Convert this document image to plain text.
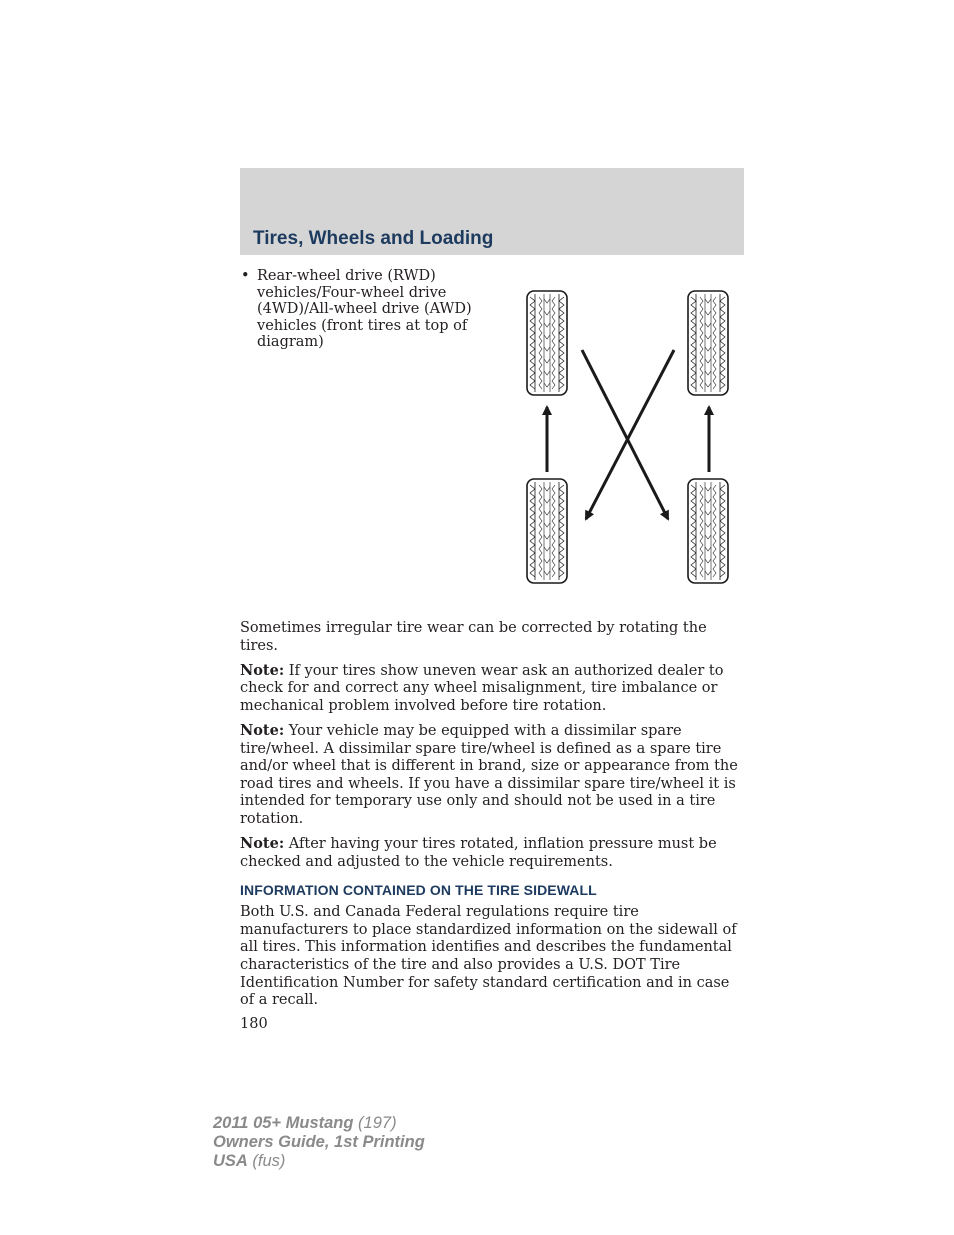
Tires, Wheels and Loading
• Rear-wheel drive (RWD)
vehicles/Four-wheel drive
(4WD)/All-wheel drive (AWD)
vehicles (front tires at top of
diagram)

Sometimes irregular tire wear can be corrected by rotating the tires.

Note: If your tires show uneven wear ask an authorized dealer to check for and correct any wheel misalignment, tire imbalance or mechanical problem involved before tire rotation.

Note: Your vehicle may be equipped with a dissimilar spare tire/wheel. A dissimilar spare tire/wheel is defined as a spare tire and/or wheel that is different in brand, size or appearance from the road tires and wheels. If you have a dissimilar spare tire/wheel it is intended for temporary use only and should not be used in a tire rotation.

Note: After having your tires rotated, inflation pressure must be checked and adjusted to the vehicle requirements.

INFORMATION CONTAINED ON THE TIRE SIDEWALL

Both U.S. and Canada Federal regulations require tire manufacturers to place standardized information on the sidewall of all tires. This information identifies and describes the fundamental characteristics of the tire and also provides a U.S. DOT Tire Identification Number for safety standard certification and in case of a recall.

180

2011 05+ Mustang (197)
Owners Guide, 1st Printing
USA (fus)
